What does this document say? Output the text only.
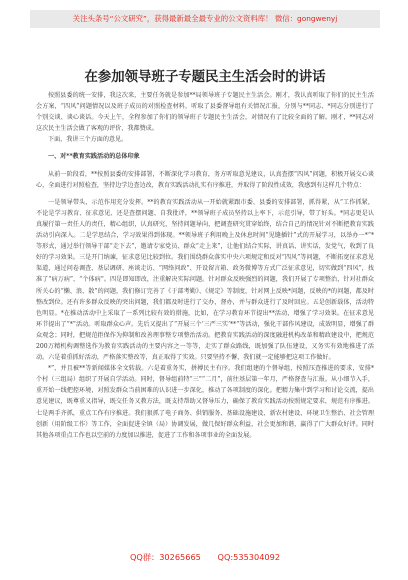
关注头条号“公文研究”，获得最新最全最专业的公文资料库！ 微信：gongwenyj
在参加领导班子专题民主生活会时的讲话

按照县委的统一安排，我这次来，主要任务就是参加**局领导班子专题民主生活会。刚才，我认真听取了你们的民主生活会方案，“四风”问题情况以及班子成员的对照检查材料，听取了县委督导组有关情况汇报，分别与**同志、*同志分别进行了个别交谈、谈心谈话。今天上午，全程参加了你们的领导班子专题民主生活会，对情况有了比较全面的了解。刚才，**同志对这次民主生活会做了客观的评价，我都赞成。

下面，我讲三个方面的意见。

一、对**教育实践活动的总体印象

从前一阶段看，**按照县委的安排部署，不断深化学习教育，务方听取意见建议，认真查摆“四风”问题，积极开展交心谈心，全面进行对照检查，坚持边学边查边改，教育实践活动扎实有序推进，并取得了阶段性成效，我感到有这样几个特点：

一是领导带头，示范作用充分发挥。**的教育实践活动从一开始就紧跟市委、县委的安排部署，抓得紧，从“工作抓紧，不论是学习教育、征求意见、还是查摆问题、自我批评，**领导班子成员坚持以上率下，示范引导，带了好头。*同志更是认真履行第一责任人的责任，精心组织，认真研究，坚持问题导向，把调查研究贯穿始终，结合自己的情况针对不断把教育实践活动引向深入。二是学思结合，学习效果得到体现。**领导班子利用晚上及休息时间“见缝插针”式的开展学习，以举办一*“*等形式，通过举行领导干部“走下去”，邀请专家党员、群众“走上来”，让他们结合实际，讲真话、讲实话，发党气，收到了良好的学习效果。三是开门纳谏，征求意见比较到位。我们围绕群众落实中央六项规定和反对“四风”等问题，不断拓宽征求意见渠道，通过问卷调查、基层调研、座谈走访、“网络问政”、开设留言箱、政务微博等方式广泛征求意见，切实做到“四风”，找准了“病万病”、“个体病”。四是即知即改，注重解决实际问题。针对群众反映强烈的问题，我们开展了专项整治，针对社群众所关心的“懒、浪、散”的问题，我们修订完善了《于部考勤》、《规定》等制度，针对网上反映*问题，反映的*的问题，都及时整改到位。还有许多群众反映的突出问题，我们都及时进行了交办，督办，并与群众进行了及时回应。五是创新载体，活动特色明显。*在推动活动中上采取了一系列比较有效的措施，比如，在学习教育环节提出**活动，增强了学习效果。在征求意见环节提出了“*”活动。听取群众心声。先后又提出了“开展三个‘三严三实’**”等活动，强化干部作风建设，成效明显，增强了群众观念；同时，把规范拒保作为抑制和改善理事整专项整治活动。把教育实践活动的深度融进机构改革和精政建设中，把规范200万精机构调整选作为教育实践活动的主要内容之一等等，走实了群众路线，既加强了队伍建设，又务实有效地推进了活动。六是着重抓好活动，严格落实整改等，真正取得了实效。只要坚持不懈，我们就一定能够把这项工作做好。

*”、并且被**等新闻媒体全文转载。六是着重务实，拼搏民主有序。我们组建的个督导组，按照压查推进的要求，安排*个村（三组局）组织了开展自学活动。同时，督导组前特“三”“二月”，前往基层第一年月，严格督查与汇报。从小细节入手，重开始一线把控环境，对照发群众当前困难的认识进一步深化，推动了各项制度的深化。把精力集中到学习和讨论交流，提出意见建议，既尊重又指导，既交任务又教方法，既支持帮助又督导压力，确保了教育实践活动按照规定要求，规范有序推进。七是两手齐抓，重点工作有序推进。我们狠抓了电子商务、供销服务、基础设施建设、新农村建设、环境卫生整治、社会管理创新（用阶级工作）等工作，全面促进全镇（局）协调发展，做几保好群众利益，社会更加和谐，赢得了广大群众好评。同时其他各项重点工作也以空前的力度加以推进，促进了工作和各项事业的全面发展。

QQ群：30265665 QQ:535304092
